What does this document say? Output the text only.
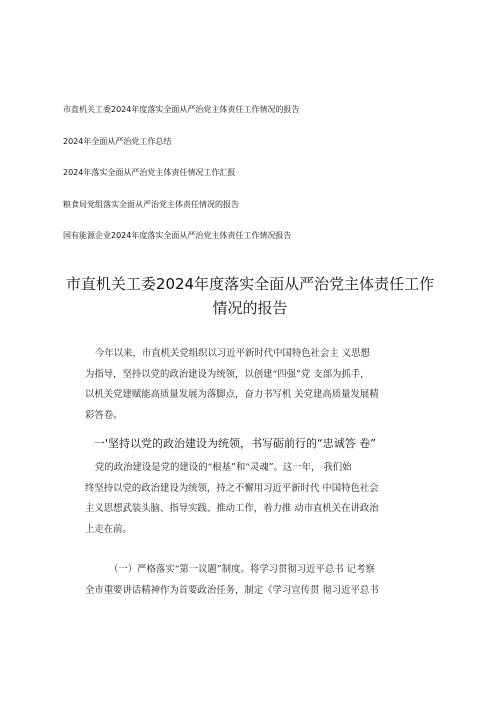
市直机关工委2024年度落实全面从严治党主体责任工作情况的报告
2024年全面从严治党工作总结
2024年落实全面从严治党主体责任情况工作汇报
粮食局党组落实全面从严治党主体责任情况的报告
国有能源企业2024年度落实全面从严治党主体责任工作情况报告
市直机关工委2024年度落实全面从严治党主体责任工作
情况的报告
今年以来，市直机关党组织以习近平新时代中国特色社会主 义思想
为指导，坚持以党的政治建设为统领，以创建“四强”党 支部为抓手，
以机关党建赋能高质量发展为落脚点，奋力书写机 关党建高质量发展精
彩答卷。
一'坚持以党的政治建设为统领，书写砺前行的“忠诚答 卷”
党的政治建设是党的建设的“根基”和“灵魂”。这一年， 我们始
终坚持以党的政治建设为统领，持之不懈用习近平新时代 中国特色社会
主义思想武装头脑、指导实践、推动工作，着力推 动市直机关在讲政治
上走在前。
（一）严格落实“第一议题”制度。将学习贯彻习近平总书 记考察
全市重要讲话精神作为首要政治任务，制定《学习宣传贯 彻习近平总书
